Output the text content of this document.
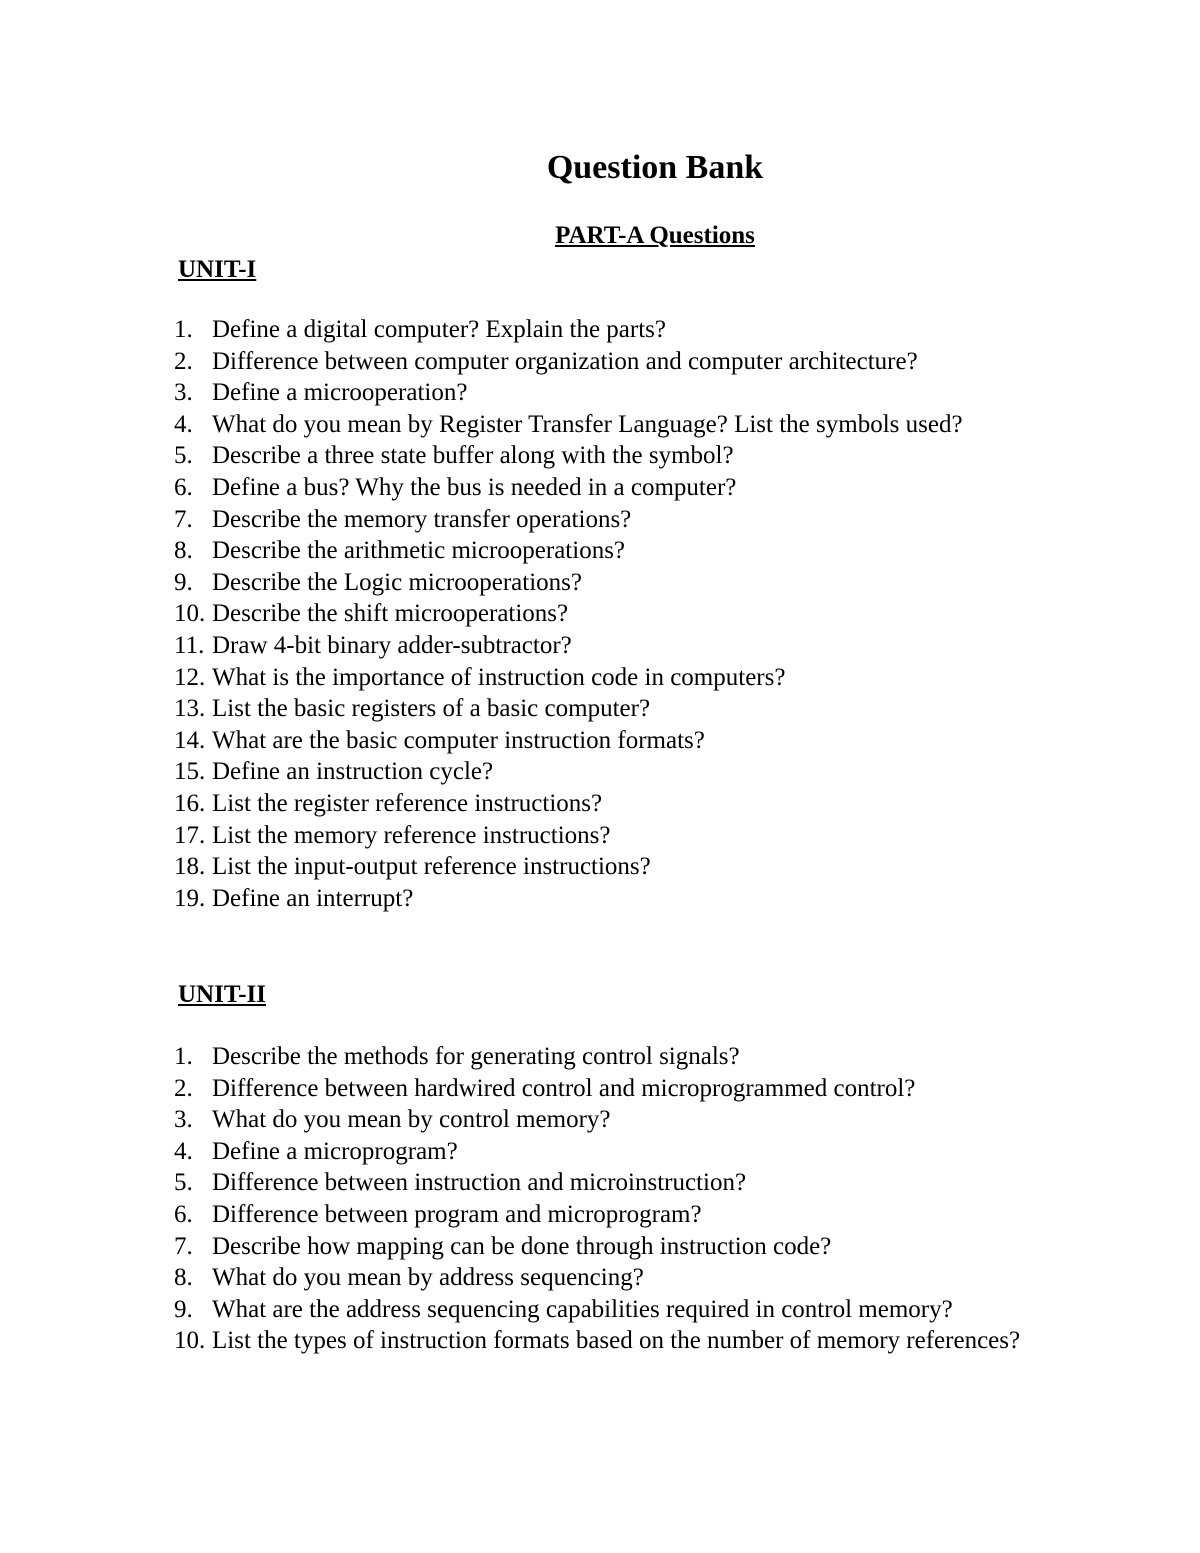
Question Bank
PART-A Questions
UNIT-I
1. Define a digital computer? Explain the parts?
2. Difference between computer organization and computer architecture?
3. Define a microoperation?
4. What do you mean by Register Transfer Language? List the symbols used?
5. Describe a three state buffer along with the symbol?
6. Define a bus? Why the bus is needed in a computer?
7. Describe the memory transfer operations?
8. Describe the arithmetic microoperations?
9. Describe the Logic microoperations?
10. Describe the shift microoperations?
11. Draw 4-bit binary adder-subtractor?
12. What is the importance of instruction code in computers?
13. List the basic registers of a basic computer?
14. What are the basic computer instruction formats?
15. Define an instruction cycle?
16. List the register reference instructions?
17. List the memory reference instructions?
18. List the input-output reference instructions?
19. Define an interrupt?
UNIT-II
1. Describe the methods for generating control signals?
2. Difference between hardwired control and microprogrammed control?
3. What do you mean by control memory?
4. Define a microprogram?
5. Difference between instruction and microinstruction?
6. Difference between program and microprogram?
7. Describe how mapping can be done through instruction code?
8. What do you mean by address sequencing?
9. What are the address sequencing capabilities required in control memory?
10. List the types of instruction formats based on the number of memory references?
